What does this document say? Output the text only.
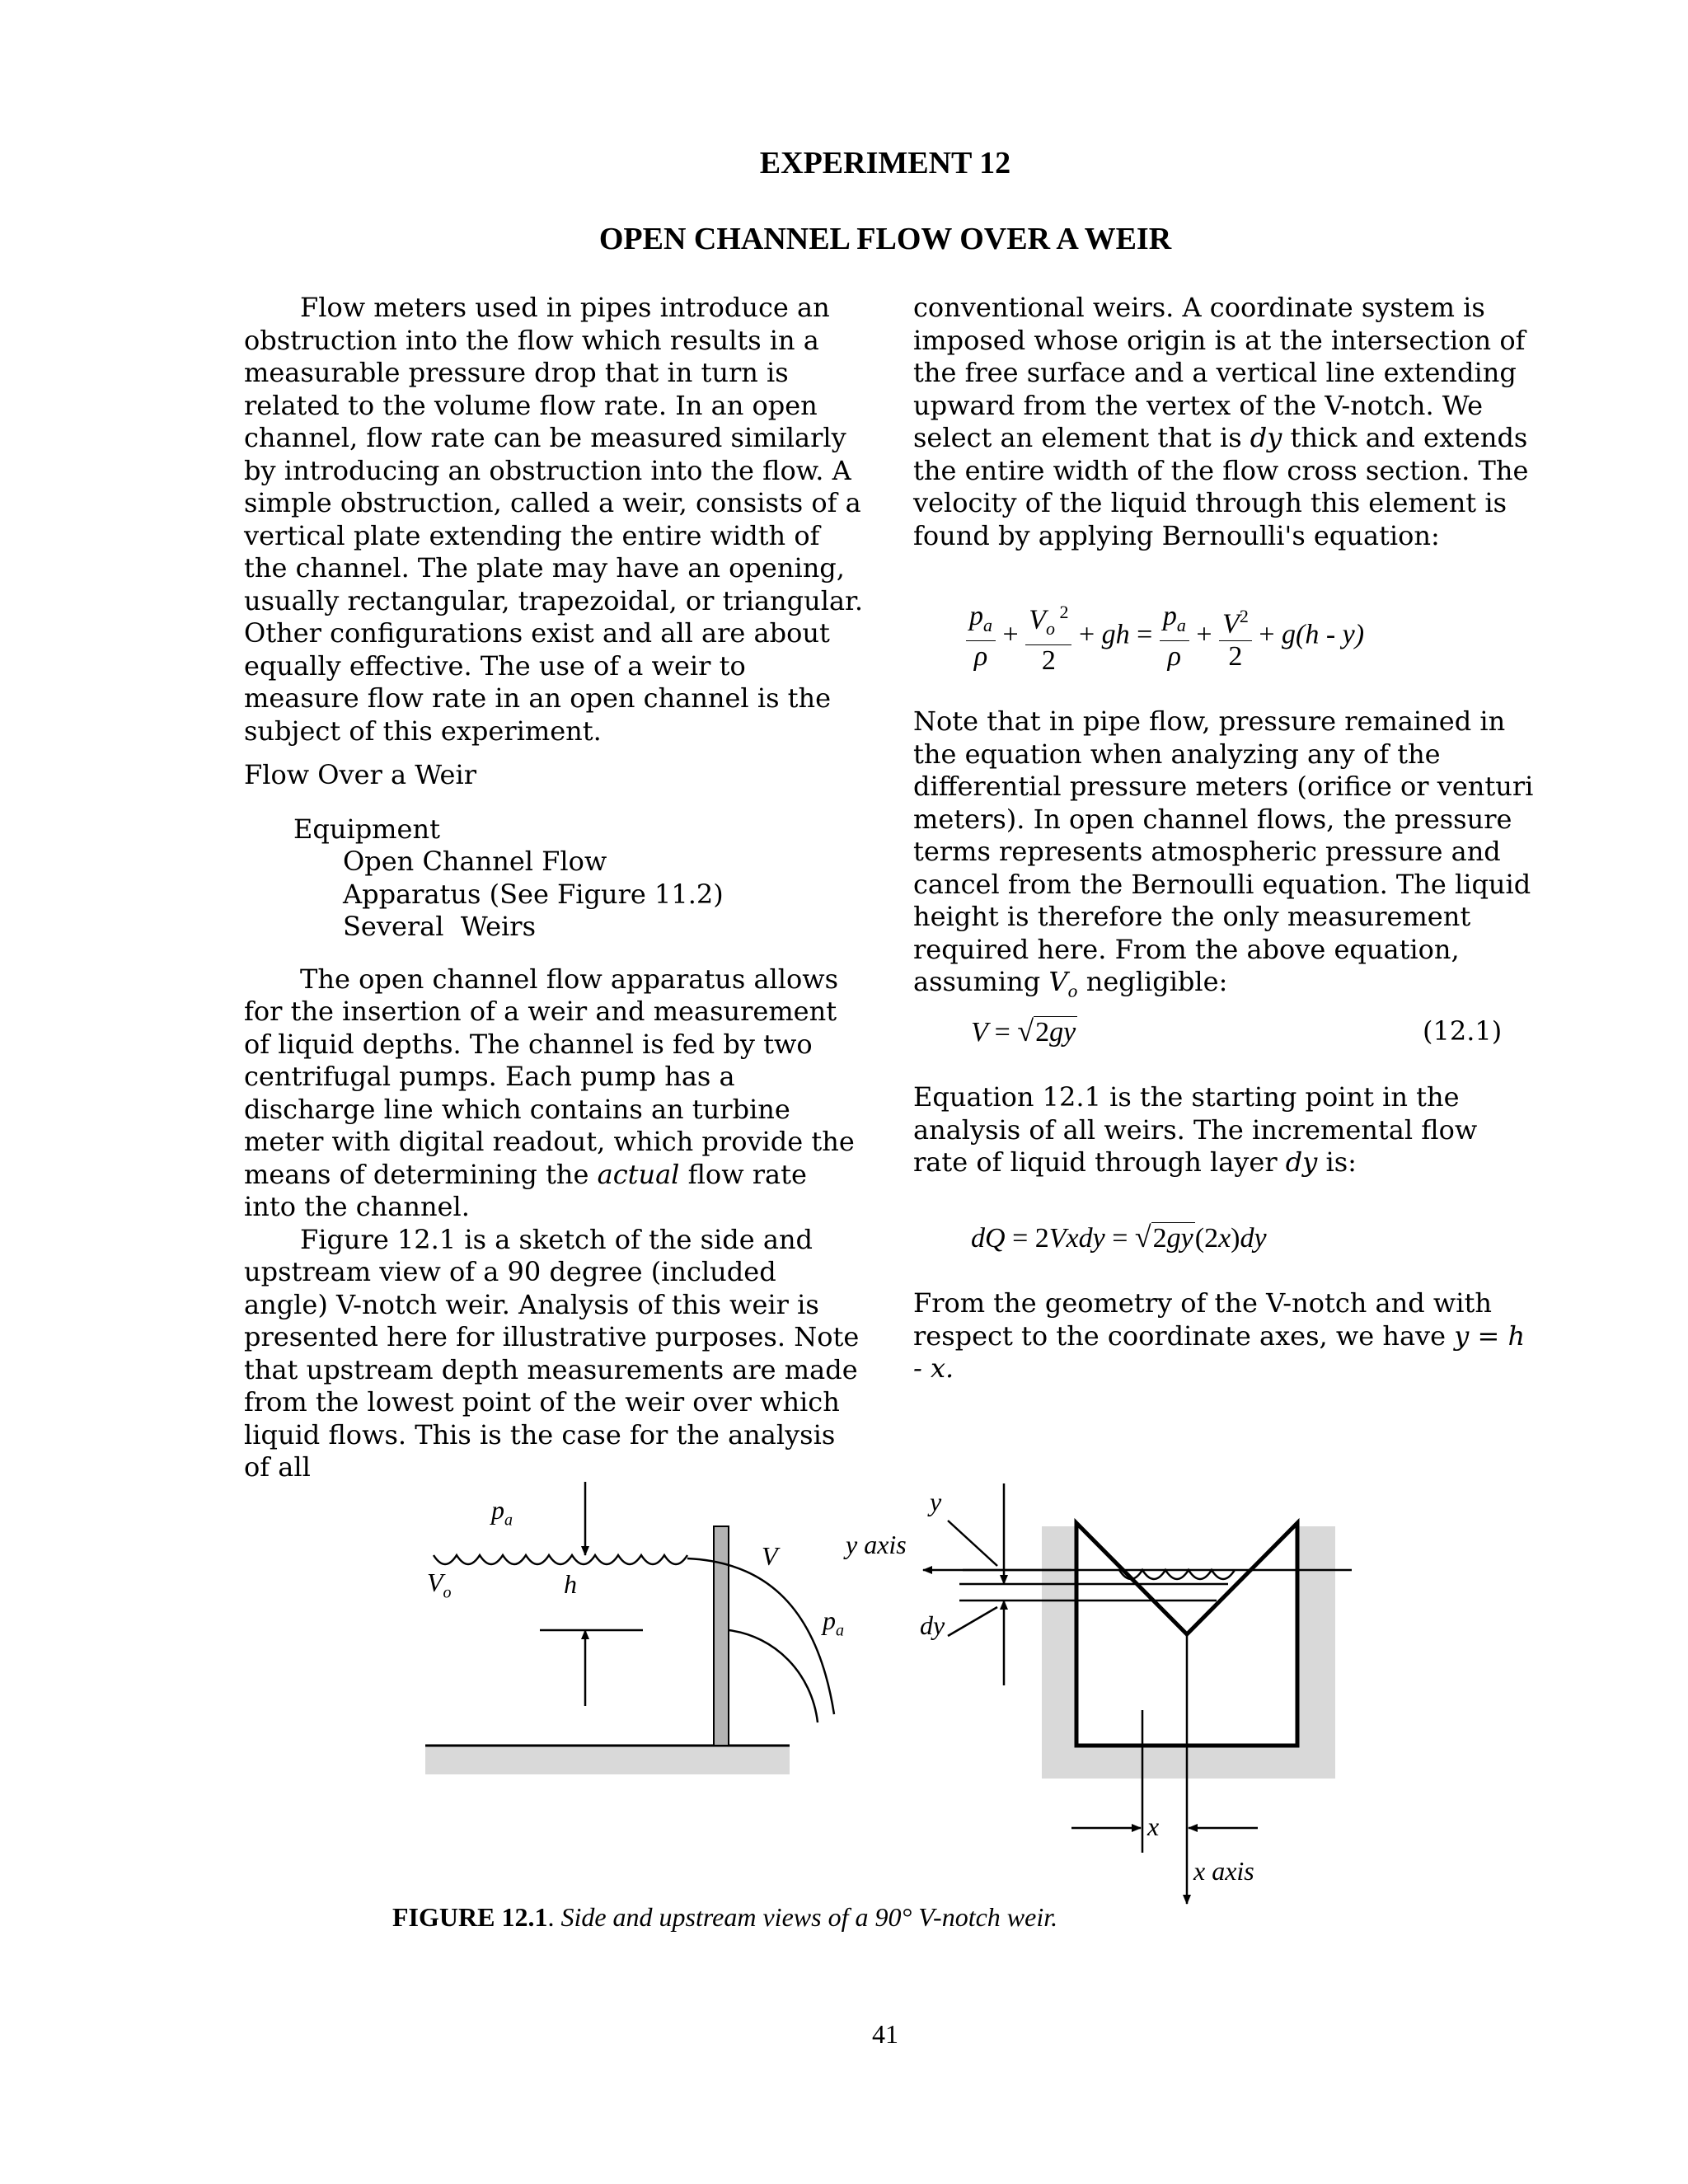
EXPERIMENT 12
OPEN CHANNEL FLOW OVER A WEIR

Flow meters used in pipes introduce an obstruction into the flow which results in a measurable pressure drop that in turn is related to the volume flow rate. In an open channel, flow rate can be measured similarly by introducing an obstruction into the flow. A simple obstruction, called a weir, consists of a vertical plate extending the entire width of the channel. The plate may have an opening, usually rectangular, trapezoidal, or triangular. Other configurations exist and all are about equally effective. The use of a weir to measure flow rate in an open channel is the subject of this experiment.

Flow Over a Weir

Equipment

Open Channel Flow Apparatus (See Figure 11.2)

Several  Weirs

The open channel flow apparatus allows for the insertion of a weir and measurement of liquid depths. The channel is fed by two centrifugal pumps. Each pump has a discharge line which contains an turbine meter with digital readout, which provide the means of determining the actual flow rate into the channel.

Figure 12.1 is a sketch of the side and upstream view of a 90 degree (included angle) V-notch weir. Analysis of this weir is presented here for illustrative purposes. Note that upstream depth measurements are made from the lowest point of the weir over which liquid flows. This is the case for the analysis of all

conventional weirs. A coordinate system is imposed whose origin is at the intersection of the free surface and a vertical line extending upward from the vertex of the V-notch. We select an element that is dy thick and extends the entire width of the flow cross section. The velocity of the liquid through this element is found by applying Bernoulli's equation:

$\frac{p_a}{\rho} + \frac{V_o ^2}{2}$ + gh = $\frac{p_a}{\rho} + \frac{V^2}{2} + g(h - y)$

Note that in pipe flow, pressure remained in the equation when analyzing any of the differential pressure meters (orifice or venturi meters). In open channel flows, the pressure terms represents atmospheric pressure and cancel from the Bernoulli equation. The liquid height is therefore the only measurement required here. From the above equation, assuming $V_o$ negligible:

V = √2gy	(12.1)

Equation 12.1 is the starting point in the analysis of all weirs. The incremental flow rate of liquid through layer dy is:

dQ = 2Vxdy = √2gy(2x)dy

From the geometry of the V-notch and with respect to the coordinate axes, we have y = h - x.

$p_a$
$V_o$	h
V
$p_a$
y axis
y
dy
x
x axis
FIGURE 12.1. Side and upstream views of a 90° V-notch weir.
41
